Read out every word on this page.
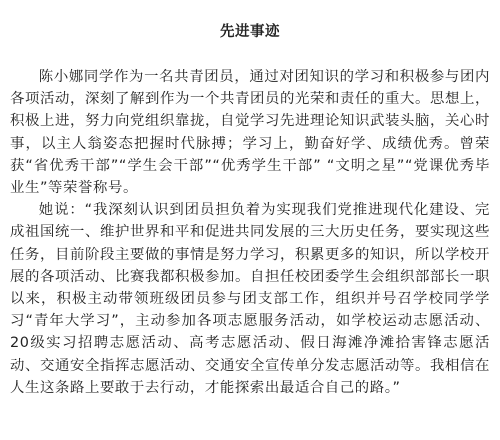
先进事迹

陈小娜同学作为一名共青团员，通过对团知识的学习和积极参与团内各项活动，深刻了解到作为一个共青团员的光荣和责任的重大。思想上，积极上进，努力向党组织靠拢，自觉学习先进理论知识武装头脑，关心时事，以主人翁姿态把握时代脉搏；学习上，勤奋好学、成绩优秀。曾荣获“省优秀干部”“学生会干部”“优秀学生干部” “文明之星”“党课优秀毕业生”等荣誉称号。

她说：“我深刻认识到团员担负着为实现我们党推进现代化建设、完成祖国统一、维护世界和平和促进共同发展的三大历史任务，要实现这些任务，目前阶段主要做的事情是努力学习，积累更多的知识，所以学校开展的各项活动、比赛我都积极参加。自担任校团委学生会组织部部长一职以来，积极主动带领班级团员参与团支部工作，组织并号召学校同学学习“青年大学习”，主动参加各项志愿服务活动，如学校运动志愿活动、20级实习招聘志愿活动、高考志愿活动、假日海滩净滩拾害锋志愿活动、交通安全指挥志愿活动、交通安全宣传单分发志愿活动等。我相信在人生这条路上要敢于去行动，才能探索出最适合自己的路。”
